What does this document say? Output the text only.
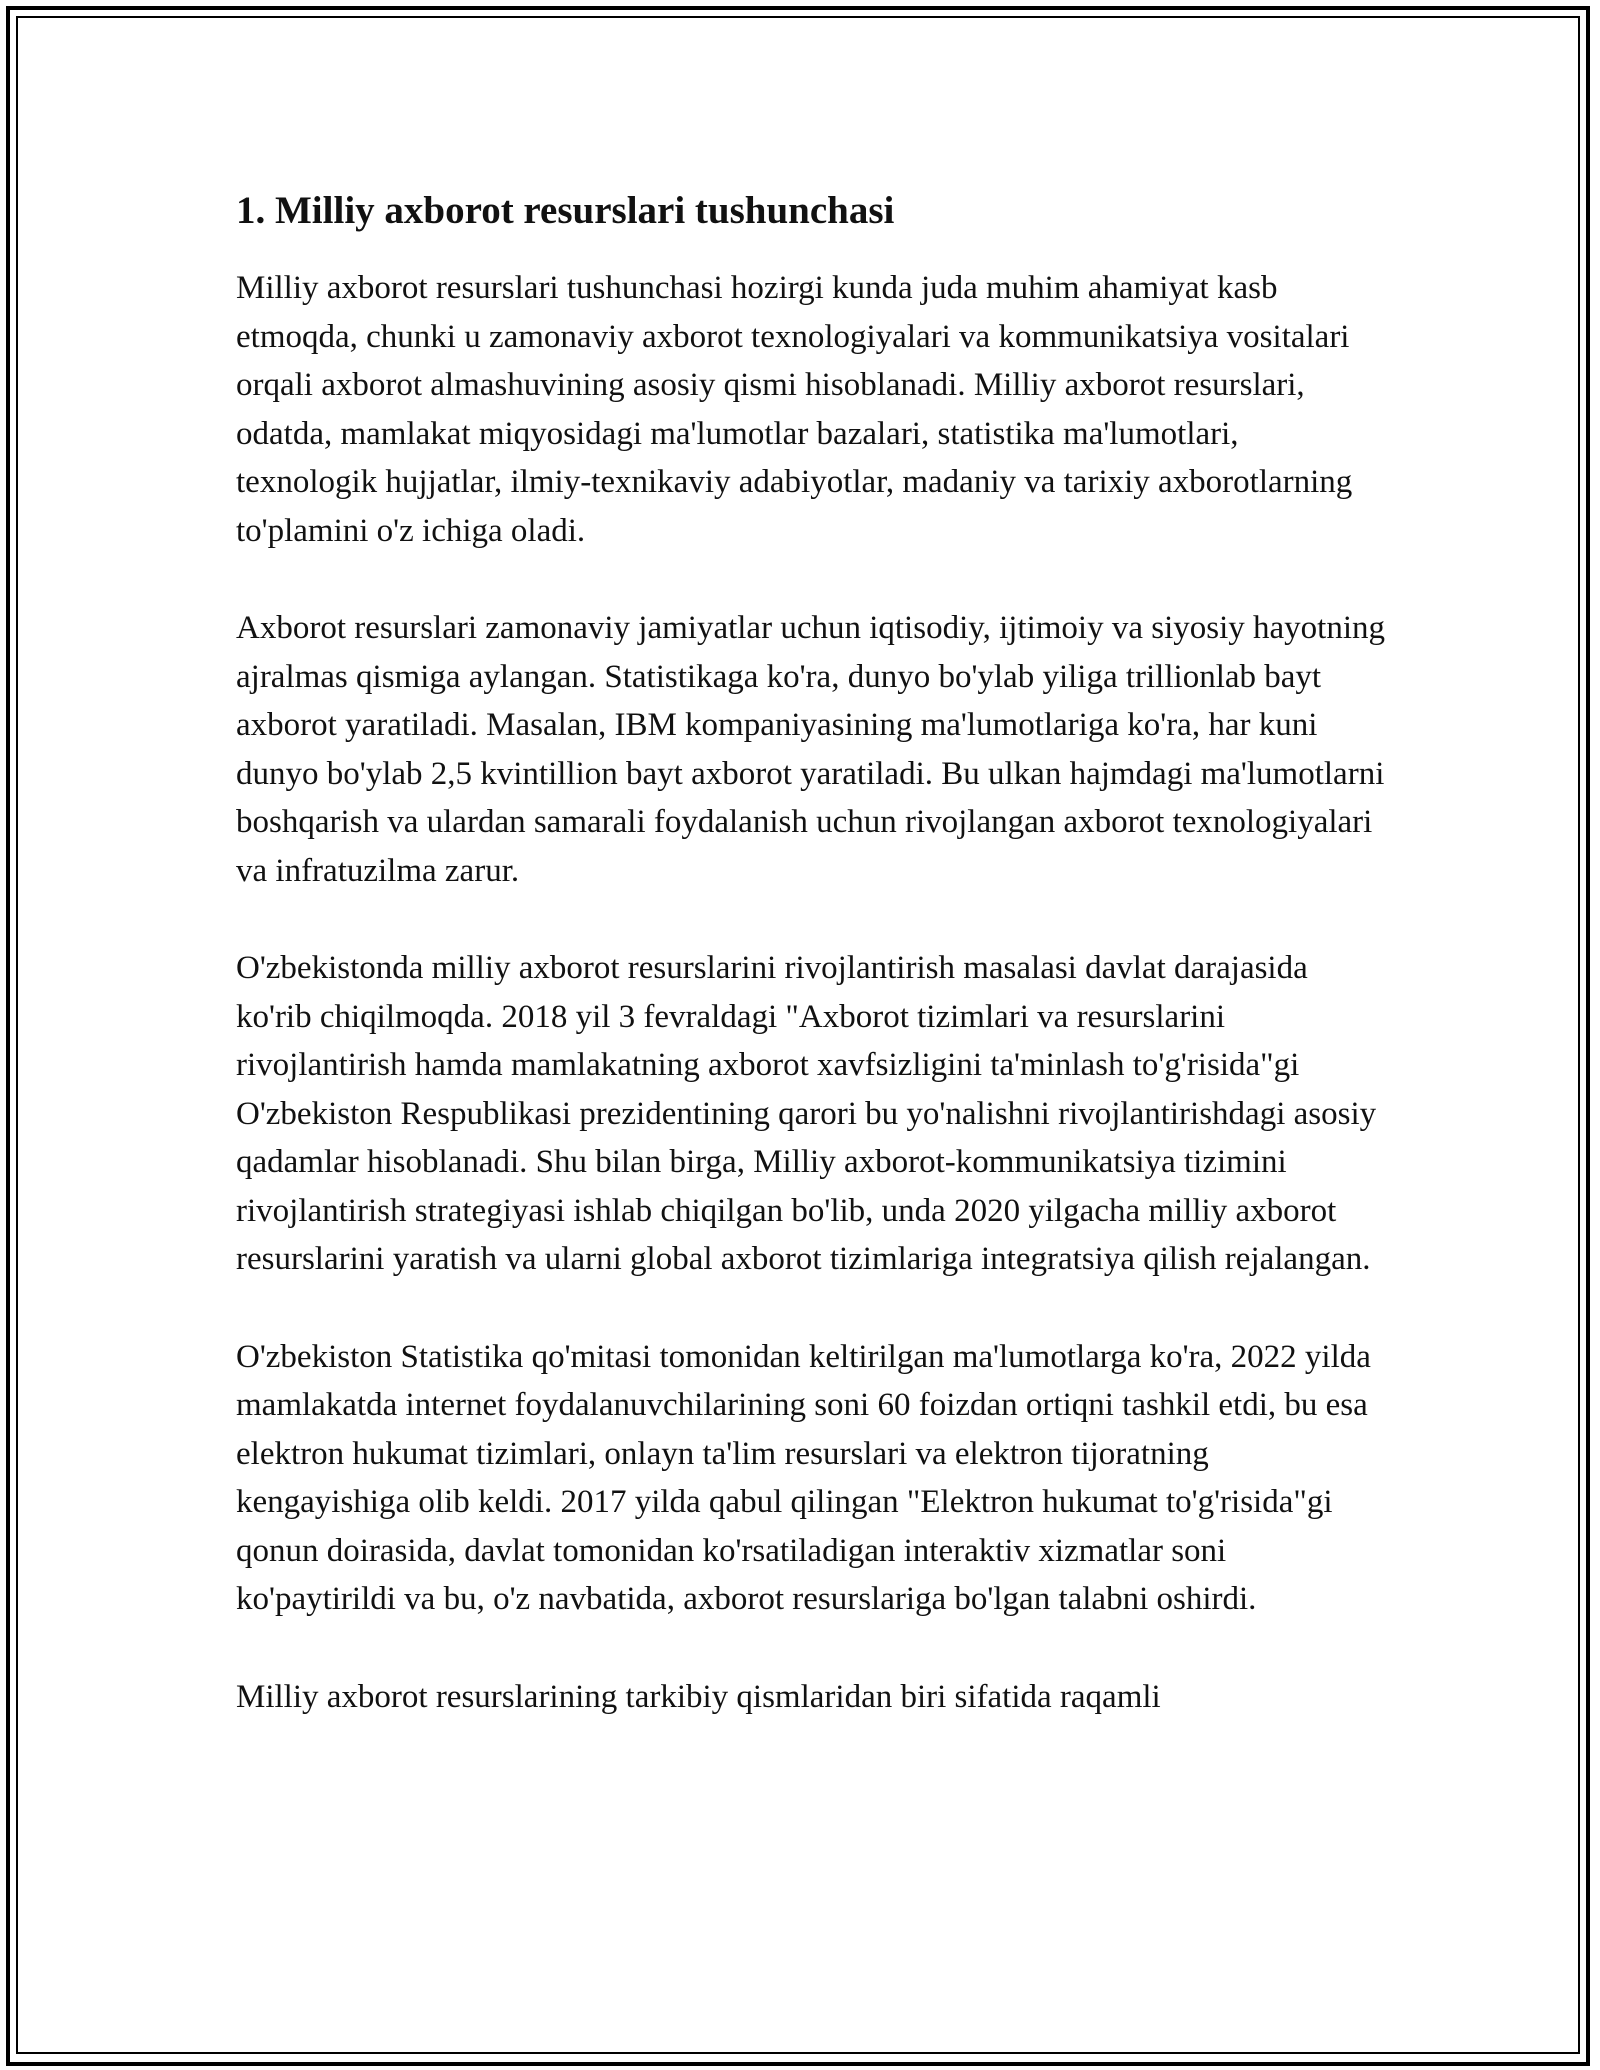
1. Milliy axborot resurslari tushunchasi

Milliy axborot resurslari tushunchasi hozirgi kunda juda muhim ahamiyat kasb etmoqda, chunki u zamonaviy axborot texnologiyalari va kommunikatsiya vositalari orqali axborot almashuvining asosiy qismi hisoblanadi. Milliy axborot resurslari, odatda, mamlakat miqyosidagi ma'lumotlar bazalari, statistika ma'lumotlari, texnologik hujjatlar, ilmiy-texnikaviy adabiyotlar, madaniy va tarixiy axborotlarning to'plamini o'z ichiga oladi.

Axborot resurslari zamonaviy jamiyatlar uchun iqtisodiy, ijtimoiy va siyosiy hayotning ajralmas qismiga aylangan. Statistikaga ko'ra, dunyo bo'ylab yiliga trillionlab bayt axborot yaratiladi. Masalan, IBM kompaniyasining ma'lumotlariga ko'ra, har kuni dunyo bo'ylab 2,5 kvintillion bayt axborot yaratiladi. Bu ulkan hajmdagi ma'lumotlarni boshqarish va ulardan samarali foydalanish uchun rivojlangan axborot texnologiyalari va infratuzilma zarur.

O'zbekistonda milliy axborot resurslarini rivojlantirish masalasi davlat darajasida ko'rib chiqilmoqda. 2018 yil 3 fevraldagi "Axborot tizimlari va resurslarini rivojlantirish hamda mamlakatning axborot xavfsizligini ta'minlash to'g'risida"gi O'zbekiston Respublikasi prezidentining qarori bu yo'nalishni rivojlantirishdagi asosiy qadamlar hisoblanadi. Shu bilan birga, Milliy axborot-kommunikatsiya tizimini rivojlantirish strategiyasi ishlab chiqilgan bo'lib, unda 2020 yilgacha milliy axborot resurslarini yaratish va ularni global axborot tizimlariga integratsiya qilish rejalangan.

O'zbekiston Statistika qo'mitasi tomonidan keltirilgan ma'lumotlarga ko'ra, 2022 yilda mamlakatda internet foydalanuvchilarining soni 60 foizdan ortiqni tashkil etdi, bu esa elektron hukumat tizimlari, onlayn ta'lim resurslari va elektron tijoratning kengayishiga olib keldi. 2017 yilda qabul qilingan "Elektron hukumat to'g'risida"gi qonun doirasida, davlat tomonidan ko'rsatiladigan interaktiv xizmatlar soni ko'paytirildi va bu, o'z navbatida, axborot resurslariga bo'lgan talabni oshirdi.

Milliy axborot resurslarining tarkibiy qismlaridan biri sifatida raqamli
